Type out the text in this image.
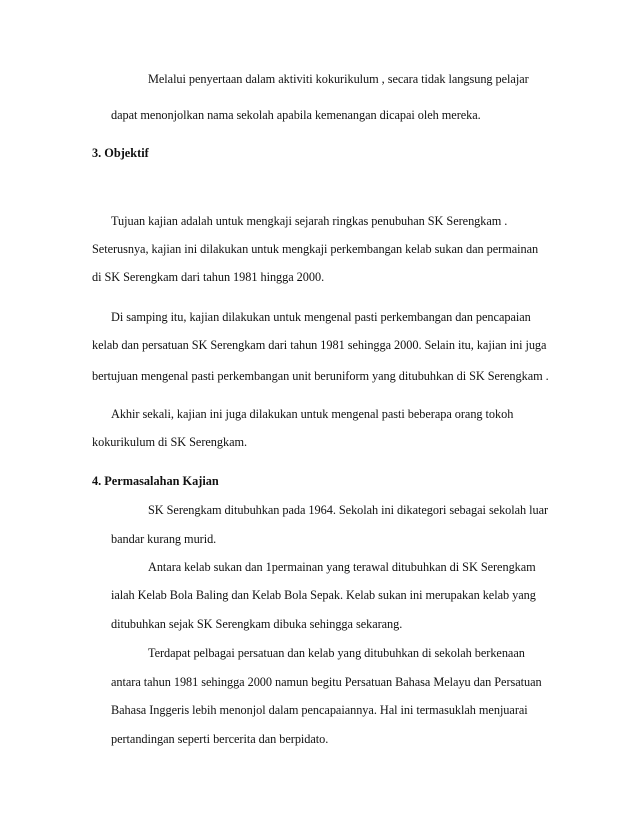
Melalui penyertaan dalam aktiviti kokurikulum , secara tidak langsung pelajar
dapat menonjolkan nama sekolah apabila kemenangan dicapai oleh mereka.
3. Objektif
Tujuan kajian adalah untuk mengkaji sejarah ringkas penubuhan SK Serengkam .
Seterusnya, kajian ini dilakukan untuk mengkaji perkembangan kelab sukan dan permainan
di SK Serengkam dari tahun 1981 hingga 2000.
Di samping itu, kajian dilakukan untuk mengenal pasti perkembangan dan pencapaian
kelab dan persatuan SK Serengkam dari tahun 1981 sehingga 2000. Selain itu, kajian ini juga
bertujuan mengenal pasti perkembangan unit beruniform yang ditubuhkan di SK Serengkam .
Akhir sekali, kajian ini juga dilakukan untuk mengenal pasti beberapa orang tokoh
kokurikulum di SK Serengkam.
4. Permasalahan Kajian
SK Serengkam ditubuhkan pada 1964. Sekolah ini dikategori sebagai sekolah luar
bandar kurang murid.
Antara kelab sukan dan 1permainan yang terawal ditubuhkan di SK Serengkam
ialah Kelab Bola Baling dan Kelab Bola Sepak. Kelab sukan ini merupakan kelab yang
ditubuhkan sejak SK Serengkam dibuka sehingga sekarang.
Terdapat pelbagai persatuan dan kelab yang ditubuhkan di sekolah berkenaan
antara tahun 1981 sehingga 2000 namun begitu Persatuan Bahasa Melayu dan Persatuan
Bahasa Inggeris lebih menonjol dalam pencapaiannya. Hal ini termasuklah menjuarai
pertandingan seperti bercerita dan berpidato.
